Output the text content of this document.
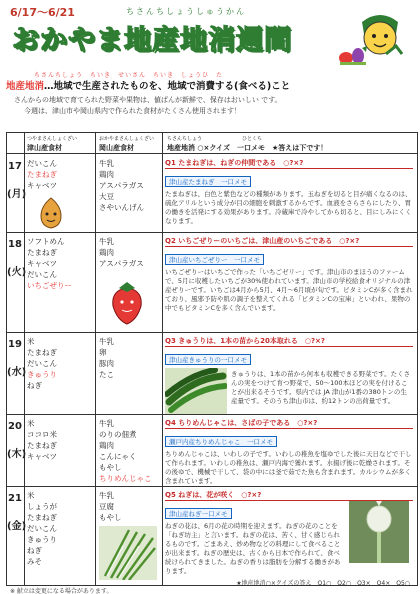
6/17〜6/21	ちさんちしょうしゅうかん
おかやま地産地消週間
ちさんちしょう　ちいき　せいさん　ちいき　しょうひ　た
地産地消…地域で生産されたものを、地域で消費する(食べる)こと
さんからの地域で育てられた野菜や果物は、値ばんが新鮮で、保存はおいしい です。
今週は、津山市や岡山県内で作られた食材がたくさん使用されます！
つやまさんしょくざい
津山産食材
おかやまさんしょくざい
岡山産食材
ちさんちしょう　　　　　　　　ひとくち
地産地消 ○×クイズ　一口メモ　★答えは下です！
17

(月)
だいこん
たまねぎ
キャベツ
牛乳
鶏肉
アスパラガス
大豆
さやいんげん
Q1 たまねぎは、ねぎの仲間である　○?×?
津山産たまねぎ　一口メモ
たまねぎは、白色と紫色などの種類があります。玉ねぎを切ると目が痛くなるのは、硫化アリルという成分が目の細胞を刺激するからです。血液をさらさらにしたり、胃の働きを活発にする効果があります。冷蔵庫で冷やしてから切ると、目にしみにくくなります。
18

(火)
ソフトめん
たまねぎ
キャベツ
だいこん
いちごぜりー
牛乳
鶏肉
アスパラガス
Q2 いちごぜりーのいちごは、津山産のいちごである　○?×?
津山産いちごぜりー　一口メモ
いちごぜりーはいちごで作った「いちごゼリー」です。津山市のまほうのファームで、5月に収穫したいちごが30%使われています。津山市の学校給食オリジナルの津産ぜりーです。いちごは4月から5月、4月〜6月頃が旬です。ビタミンCが多く含まれており、風邪予防や肌の調子を整えてくれる「ビタミンCの宝庫」といわれ、果物の中でもビタミンCを多く含んでいます。
19

(水)
米
たまねぎ
だいこん
きゅうり
ねぎ
牛乳
卵
豚肉
たこ
Q3 きゅうりは、1本の苗から20本取れる　○?×?
津山産きゅうりの一口メモ
きゅうりは、1本の苗から何本も収穫できる野菜です。たくさんの実をつけて育つ野菜で、50〜100本ほどの実を付けることが出来るそうです。県内では JA 津山が1番の380トンの生産量です。そのうち津山市は、約12トンの出荷量です。
20

(木)
米
ココロ米
たまねぎ
キャベツ
牛乳
のりの佃煮
鶏肉
こんにゃく
もやし
ちりめんじゃこ
Q4 ちりめんじゃこは、さばの子である　○?×?
瀬戸内産ちりめんじゃこ　一口メモ
ちりめんじゃこは、いわしの子です。いわしの稚魚を塩ゆでした後に天日などで干して作られます。いわしの稚魚は、瀬戸内海で獲れます。水揚げ後に乾燥されます。その後ゆで、機械で干して、袋の中には釜で茹でた魚も含まれます。カルシウムが多く含まれています。
21

(金)
米
しょうが
たまねぎ
だいこん
きゅうり
ねぎ
みそ
牛乳
豆腐
もやし
Q5 ねぎは、花が咲く　○?×?
津山産ねぎ一口メモ
ねぎの花は、6月の花の時期を迎えます。ねぎの花のことを「ねぎ坊主」と言います。ねぎの花は、苦く、甘く感じられるものです。ごまあえ、炒め物などの料理にして食べることが出来ます。ねぎの歴史は、古くから日本で作られて、食べ続けられてきました。ねぎの香りは脂肪を分解する働きがあります。
★地産地消○×クイズの答え　Q1○　Q2○　Q3×　Q4×　Q5○
※ 献立は変更になる場合があります。
